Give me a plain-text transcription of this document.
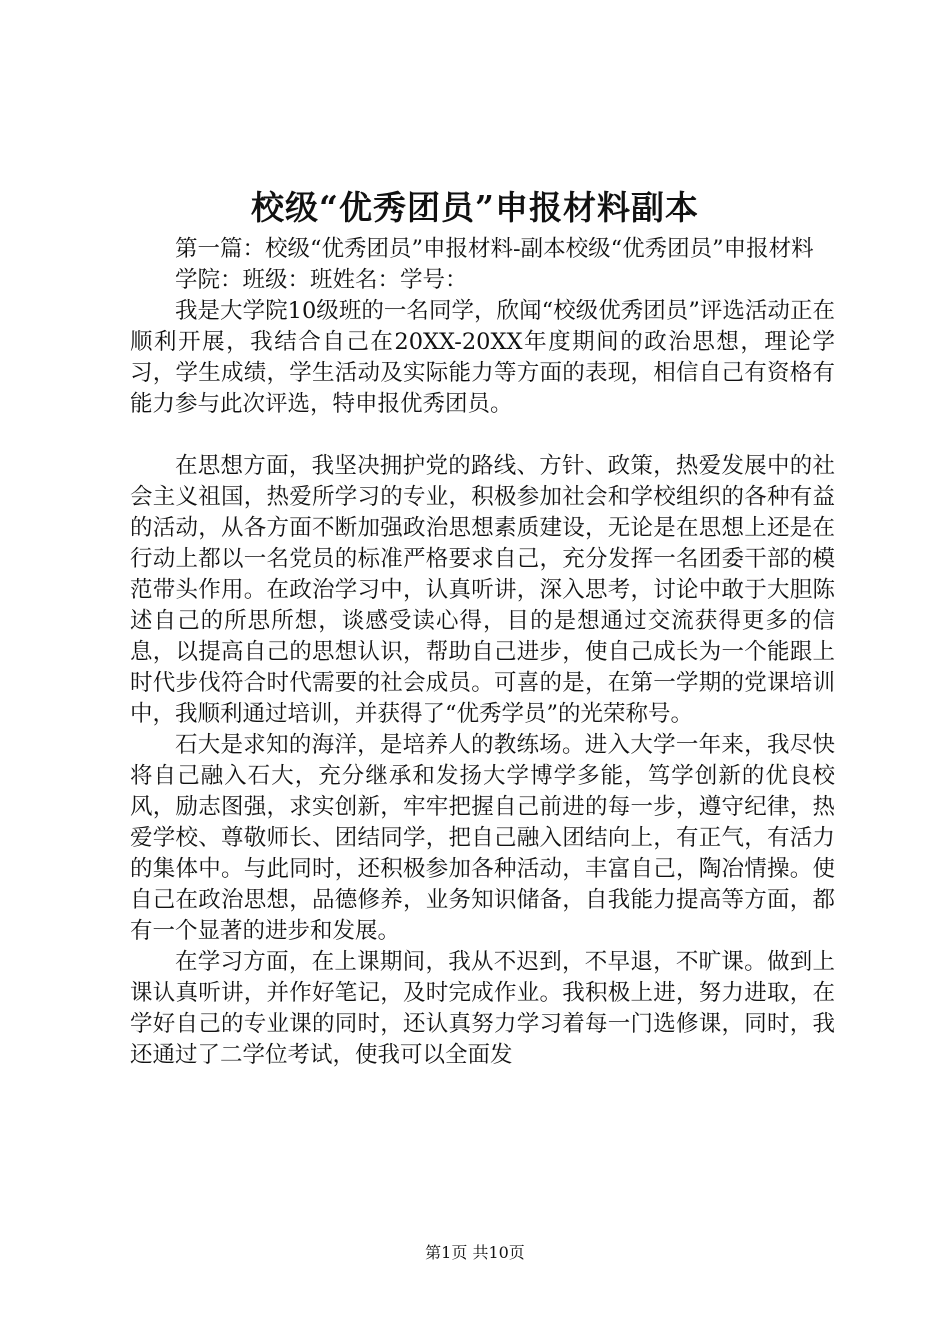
校级“优秀团员”申报材料副本

第一篇：校级“优秀团员”申报材料-副本校级“优秀团员”申报材料

学院：班级：班姓名：学号：

我是大学院10级班的一名同学，欣闻“校级优秀团员”评选活动正在顺利开展，我结合自己在20XX-20XX年度期间的政治思想，理论学习，学生成绩，学生活动及实际能力等方面的表现，相信自己有资格有能力参与此次评选，特申报优秀团员。

在思想方面，我坚决拥护党的路线、方针、政策，热爱发展中的社会主义祖国，热爱所学习的专业，积极参加社会和学校组织的各种有益的活动，从各方面不断加强政治思想素质建设，无论是在思想上还是在行动上都以一名党员的标准严格要求自己，充分发挥一名团委干部的模范带头作用。在政治学习中，认真听讲，深入思考，讨论中敢于大胆陈述自己的所思所想，谈感受读心得，目的是想通过交流获得更多的信息，以提高自己的思想认识，帮助自己进步，使自己成长为一个能跟上时代步伐符合时代需要的社会成员。可喜的是，在第一学期的党课培训中，我顺利通过培训，并获得了“优秀学员”的光荣称号。

石大是求知的海洋，是培养人的教练场。进入大学一年来，我尽快将自己融入石大，充分继承和发扬大学博学多能，笃学创新的优良校风，励志图强，求实创新，牢牢把握自己前进的每一步，遵守纪律，热爱学校、尊敬师长、团结同学，把自己融入团结向上，有正气，有活力的集体中。与此同时，还积极参加各种活动，丰富自己，陶冶情操。使自己在政治思想，品德修养，业务知识储备，自我能力提高等方面，都有一个显著的进步和发展。

在学习方面，在上课期间，我从不迟到，不早退，不旷课。做到上课认真听讲，并作好笔记，及时完成作业。我积极上进，努力进取，在学好自己的专业课的同时，还认真努力学习着每一门选修课，同时，我还通过了二学位考试，使我可以全面发

第1页 共10页
